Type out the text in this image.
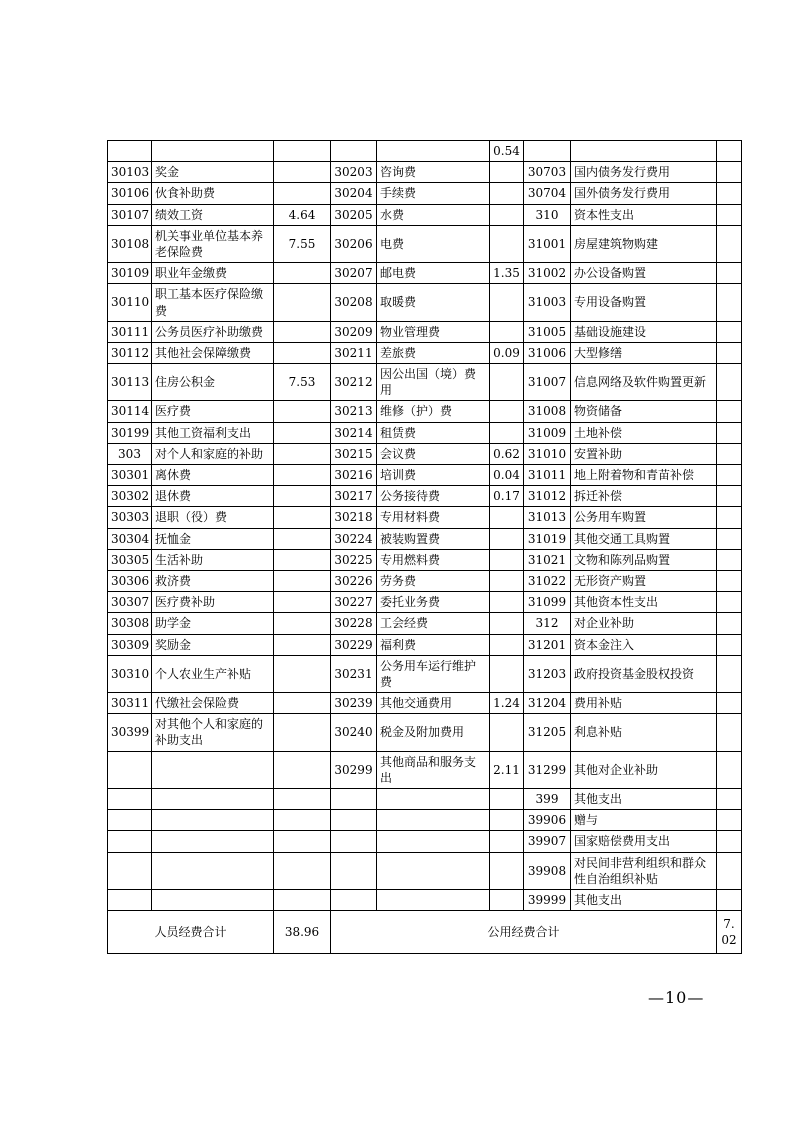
					0.54			
30103	奖金		30203	咨询费		30703	国内债务发行费用	
30106	伙食补助费		30204	手续费		30704	国外债务发行费用	
30107	绩效工资	4.64	30205	水费		310	资本性支出	
30108	机关事业单位基本养老保险费	7.55	30206	电费		31001	房屋建筑物购建	
30109	职业年金缴费		30207	邮电费	1.35	31002	办公设备购置	
30110	职工基本医疗保险缴费		30208	取暖费		31003	专用设备购置	
30111	公务员医疗补助缴费		30209	物业管理费		31005	基础设施建设	
30112	其他社会保障缴费		30211	差旅费	0.09	31006	大型修缮	
30113	住房公积金	7.53	30212	因公出国（境）费用		31007	信息网络及软件购置更新	
30114	医疗费		30213	维修（护）费		31008	物资储备	
30199	其他工资福利支出		30214	租赁费		31009	土地补偿	
303	对个人和家庭的补助		30215	会议费	0.62	31010	安置补助	
30301	离休费		30216	培训费	0.04	31011	地上附着物和青苗补偿	
30302	退休费		30217	公务接待费	0.17	31012	拆迁补偿	
30303	退职（役）费		30218	专用材料费		31013	公务用车购置	
30304	抚恤金		30224	被装购置费		31019	其他交通工具购置	
30305	生活补助		30225	专用燃料费		31021	文物和陈列品购置	
30306	救济费		30226	劳务费		31022	无形资产购置	
30307	医疗费补助		30227	委托业务费		31099	其他资本性支出	
30308	助学金		30228	工会经费		312	对企业补助	
30309	奖励金		30229	福利费		31201	资本金注入	
30310	个人农业生产补贴		30231	公务用车运行维护费		31203	政府投资基金股权投资	
30311	代缴社会保险费		30239	其他交通费用	1.24	31204	费用补贴	
30399	对其他个人和家庭的补助支出		30240	税金及附加费用		31205	利息补贴	
			30299	其他商品和服务支出	2.11	31299	其他对企业补助	
						399	其他支出	
						39906	赠与	
						39907	国家赔偿费用支出	
						39908	对民间非营利组织和群众性自治组织补贴	
						39999	其他支出	
人员经费合计		38.96	公用经费合计					7.02
—10—
